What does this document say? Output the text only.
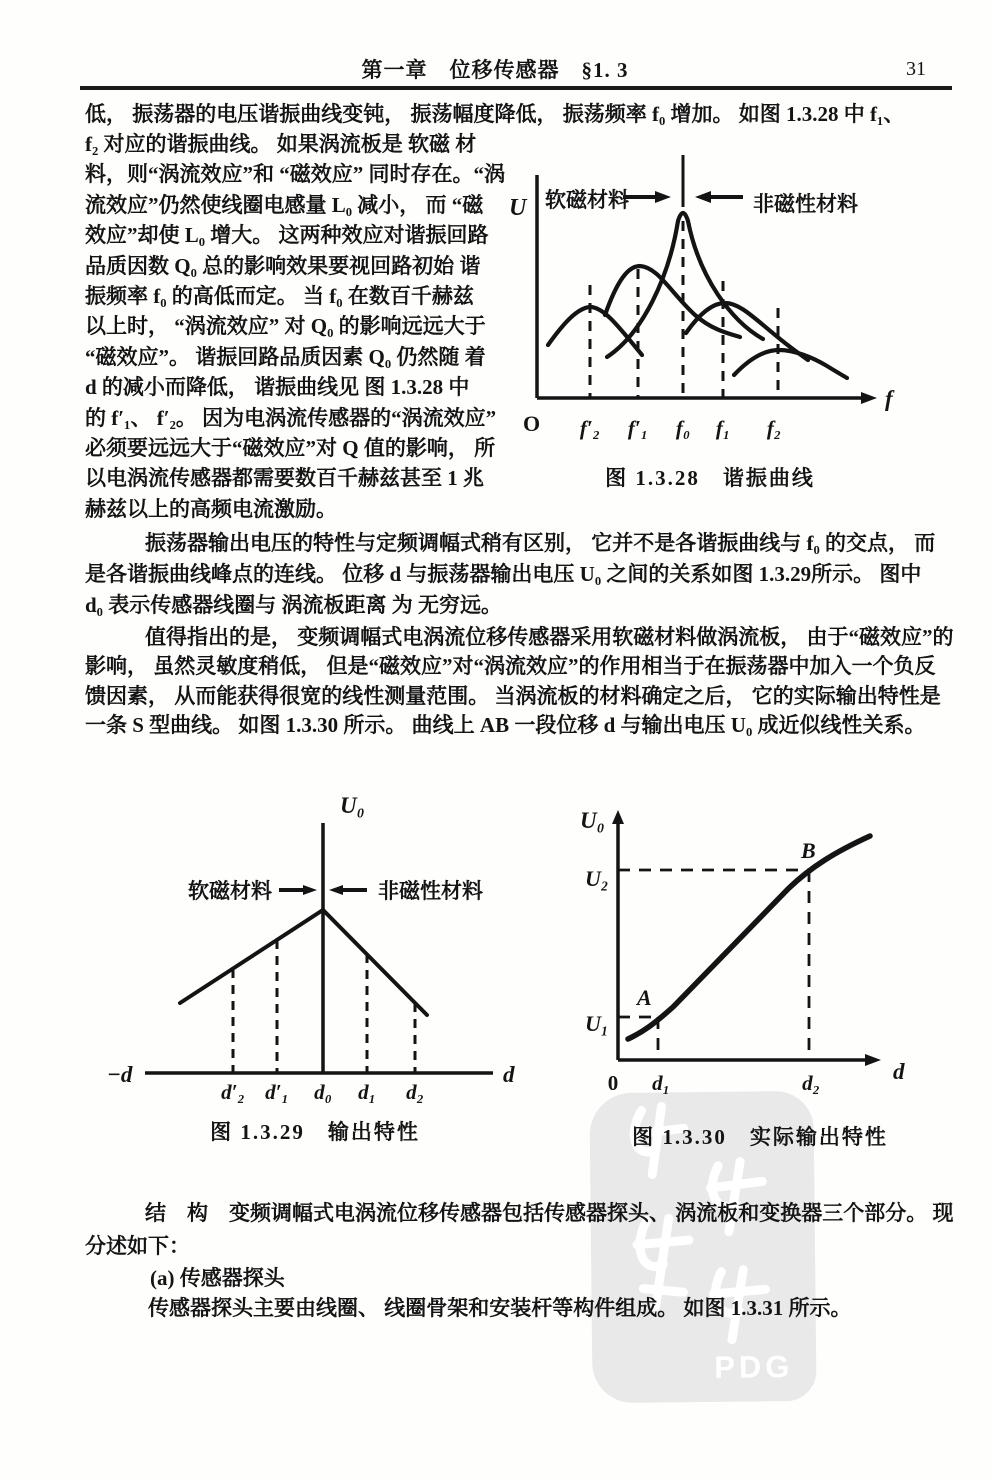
PDG
第一章　位移传感器　§1. 3	31
低， 振荡器的电压谐振曲线变钝， 振荡幅度降低， 振荡频率 f₀ 增加。 如图 1.3.28 中 f₁、
f₂ 对应的谐振曲线。 如果涡流板是 软磁 材
料，则“涡流效应”和 “磁效应” 同时存在。“涡
流效应”仍然使线圈电感量 L₀ 减小， 而 “磁
效应”却使 L₀ 增大。 这两种效应对谐振回路
品质因数 Q₀ 总的影响效果要视回路初始 谐
振频率 f₀ 的高低而定。 当 f₀ 在数百千赫兹
以上时， “涡流效应” 对 Q₀ 的影响远远大于
“磁效应”。 谐振回路品质因素 Q₀ 仍然随 着
d 的减小而降低， 谐振曲线见 图 1.3.28 中
的 f′₁、 f′₂。 因为电涡流传感器的“涡流效应”
必须要远远大于“磁效应”对 Q 值的影响， 所
以电涡流传感器都需要数百千赫兹甚至 1 兆
赫兹以上的高频电流激励。
振荡器输出电压的特性与定频调幅式稍有区别， 它并不是各谐振曲线与 f₀ 的交点， 而
是各谐振曲线峰点的连线。 位移 d 与振荡器输出电压 U₀ 之间的关系如图 1.3.29所示。 图中
d₀ 表示传感器线圈与 涡流板距离 为 无穷远。
值得指出的是， 变频调幅式电涡流位移传感器采用软磁材料做涡流板， 由于“磁效应”的
影响， 虽然灵敏度稍低， 但是“磁效应”对“涡流效应”的作用相当于在振荡器中加入一个负反
馈因素， 从而能获得很宽的线性测量范围。 当涡流板的材料确定之后， 它的实际输出特性是
一条 S 型曲线。 如图 1.3.30 所示。 曲线上 AB 一段位移 d 与输出电压 U₀ 成近似线性关系。
U
f
O
软磁材料	非磁性材料
f′₂ f′₁ f₀ f₁ f₂
图 1.3.28　谐振曲线
U₀
−d	d
软磁材料	非磁性材料
d′₂ d′₁ d₀ d₁ d₂
图 1.3.29　输出特性
U₀
d
U₂
U₁
B
A
0 d₁	d₂
图 1.3.30　实际输出特性
结　构　变频调幅式电涡流位移传感器包括传感器探头、 涡流板和变换器三个部分。 现
分述如下：
(a) 传感器探头
传感器探头主要由线圈、 线圈骨架和安装杆等构件组成。 如图 1.3.31 所示。
